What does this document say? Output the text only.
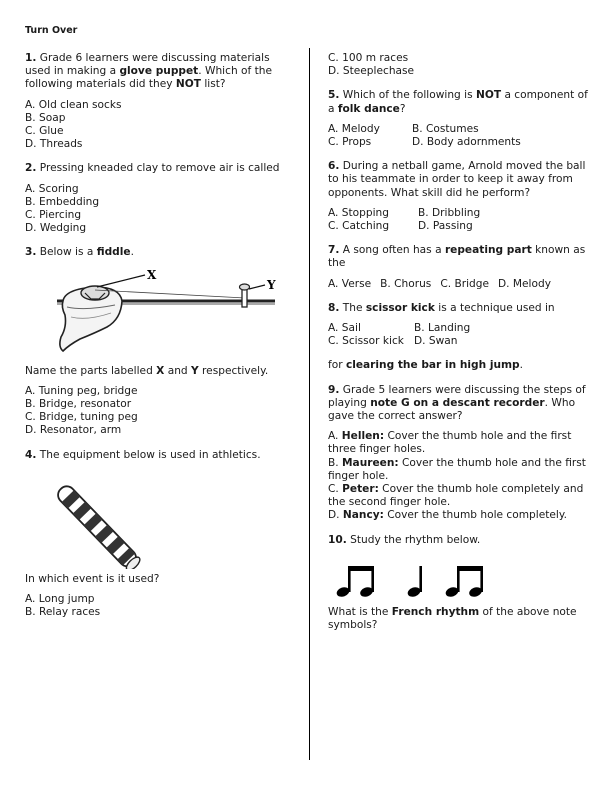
Turn Over
1. Grade 6 learners were discussing materials used in making a glove puppet. Which of the following materials did they NOT list?
A. Old clean socks
B. Soap
C. Glue
D. Threads
2. Pressing kneaded clay to remove air is called
A. Scoring
B. Embedding
C. Piercing
D. Wedging
3. Below is a fiddle.
X
Y
Name the parts labelled X and Y respectively.
A. Tuning peg, bridge
B. Bridge, resonator
C. Bridge, tuning peg
D. Resonator, arm
4. The equipment below is used in athletics.
In which event is it used?
A. Long jump
B. Relay races
C. 100 m races
D. Steeplechase
5. Which of the following is NOT a component of a folk dance?
A. Melody	B. Costumes
C. Props	D. Body adornments
6. During a netball game, Arnold moved the ball to his teammate in order to keep it away from opponents. What skill did he perform?
A. Stopping	B. Dribbling
C. Catching	D. Passing
7. A song often has a repeating part known as the
A. Verse B. Chorus C. Bridge D. Melody
8. The scissor kick is a technique used in
A. Sail	B. Landing
C. Scissor kick D. Swan
for clearing the bar in high jump.
9. Grade 5 learners were discussing the steps of playing note G on a descant recorder. Who gave the correct answer?
A. Hellen: Cover the thumb hole and the first three finger holes.
B. Maureen: Cover the thumb hole and the first finger hole.
C. Peter: Cover the thumb hole completely and the second finger hole.
D. Nancy: Cover the thumb hole completely.
10. Study the rhythm below.
What is the French rhythm of the above note symbols?
